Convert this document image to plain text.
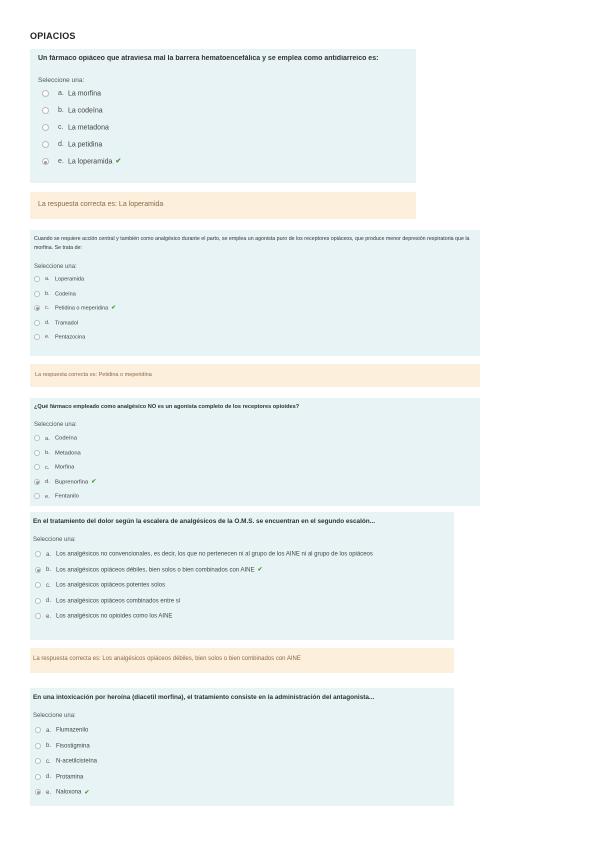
OPIACIOS
Un fármaco opiáceo que atraviesa mal la barrera hematoencefálica y se emplea como antidiarreico es:
Seleccione una:
a. La morfina
b. La codeína
c. La metadona
d. La petidina
e. La loperamida ✔
La respuesta correcta es: La loperamida
Cuando se requiere acción central y también como analgésico durante el parto, se emplea un agonista puro de los receptores opiáceos, que produce menor depresión respiratoria que la morfina. Se trata de:
Seleccione una:
a. Loperamida
b. Codeína
c. Petidina o meperidina ✔
d. Tramadol
e. Pentazocina
La respuesta correcta es: Petidina o meperidina
¿Qué fármaco empleado como analgésico NO es un agonista completo de los receptores opioides?
Seleccione una:
a. Codeína
b. Metadona
c. Morfina
d. Buprenorfina ✔
e. Fentanilo
En el tratamiento del dolor según la escalera de analgésicos de la O.M.S. se encuentran en el segundo escalón...
Seleccione una:
a. Los analgésicos no convencionales, es decir, los que no pertenecen ni al grupo de los AINE ni al grupo de los opiáceos
b. Los analgésicos opiáceos débiles, bien solos o bien combinados con AINE ✔
c. Los analgésicos opiáceos potentes solos
d. Los analgésicos opiáceos combinados entre sí
e. Los analgésicos no opioides como los AINE
La respuesta correcta es: Los analgésicos opiáceos débiles, bien solos o bien combinados con AINE
En una intoxicación por heroína (diacetil morfina), el tratamiento consiste en la administración del antagonista...
Seleccione una:
a. Flumazenilo
b. Fisostigmina
c. N-acetilcisteína
d. Protamina
e. Naloxona ✔
